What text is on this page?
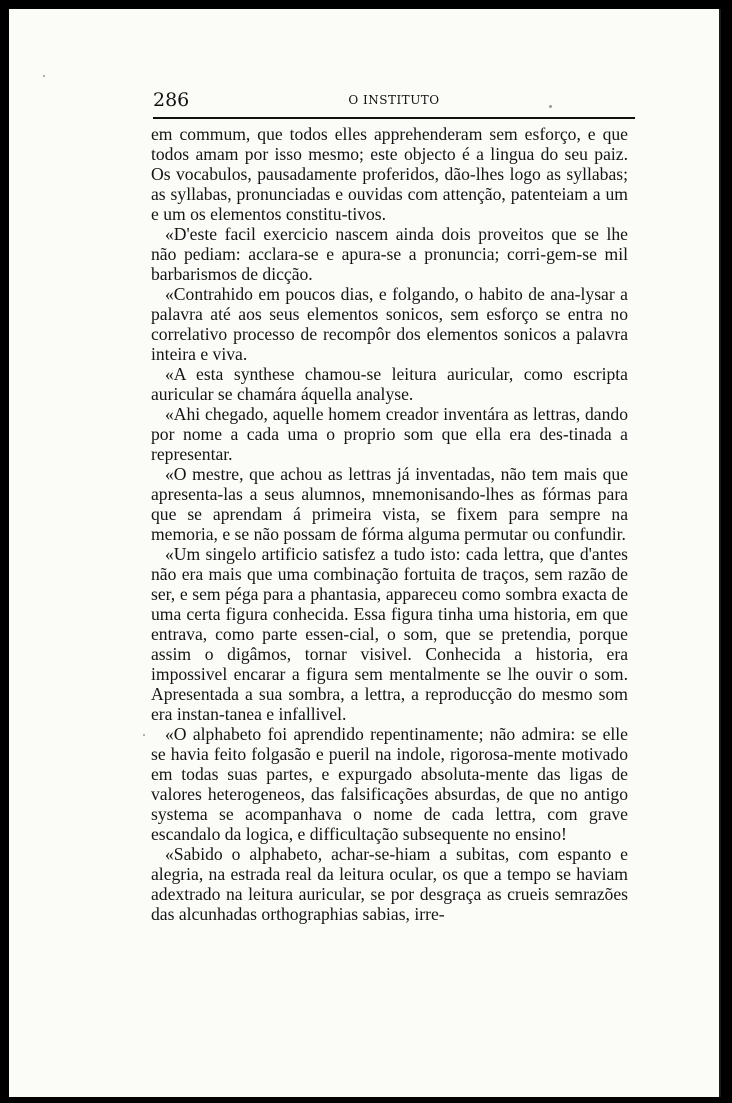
286	O INSTITUTO

em commum, que todos elles apprehenderam sem esforço, e que todos amam por isso mesmo; este objecto é a lingua do seu paiz. Os vocabulos, pausadamente proferidos, dão-lhes logo as syllabas; as syllabas, pronunciadas e ouvidas com attenção, patenteiam a um e um os elementos constitu-tivos.

«D'este facil exercicio nascem ainda dois proveitos que se lhe não pediam: acclara-se e apura-se a pronuncia; corri-gem-se mil barbarismos de dicção.

«Contrahido em poucos dias, e folgando, o habito de ana-lysar a palavra até aos seus elementos sonicos, sem esforço se entra no correlativo processo de recompôr dos elementos sonicos a palavra inteira e viva.

«A esta synthese chamou-se leitura auricular, como escripta auricular se chamára áquella analyse.

«Ahi chegado, aquelle homem creador inventára as lettras, dando por nome a cada uma o proprio som que ella era des-tinada a representar.

«O mestre, que achou as lettras já inventadas, não tem mais que apresenta-las a seus alumnos, mnemonisando-lhes as fórmas para que se aprendam á primeira vista, se fixem para sempre na memoria, e se não possam de fórma alguma permutar ou confundir.

«Um singelo artificio satisfez a tudo isto: cada lettra, que d'antes não era mais que uma combinação fortuita de traços, sem razão de ser, e sem péga para a phantasia, appareceu como sombra exacta de uma certa figura conhecida. Essa figura tinha uma historia, em que entrava, como parte essen-cial, o som, que se pretendia, porque assim o digâmos, tornar visivel. Conhecida a historia, era impossivel encarar a figura sem mentalmente se lhe ouvir o som. Apresentada a sua sombra, a lettra, a reproducção do mesmo som era instan-tanea e infallivel.

«O alphabeto foi aprendido repentinamente; não admira: se elle se havia feito folgasão e pueril na indole, rigorosa-mente motivado em todas suas partes, e expurgado absoluta-mente das ligas de valores heterogeneos, das falsificações absurdas, de que no antigo systema se acompanhava o nome de cada lettra, com grave escandalo da logica, e difficultação subsequente no ensino!

«Sabido o alphabeto, achar-se-hiam a subitas, com espanto e alegria, na estrada real da leitura ocular, os que a tempo se haviam adextrado na leitura auricular, se por desgraça as crueis semrazões das alcunhadas orthographias sabias, irre-
